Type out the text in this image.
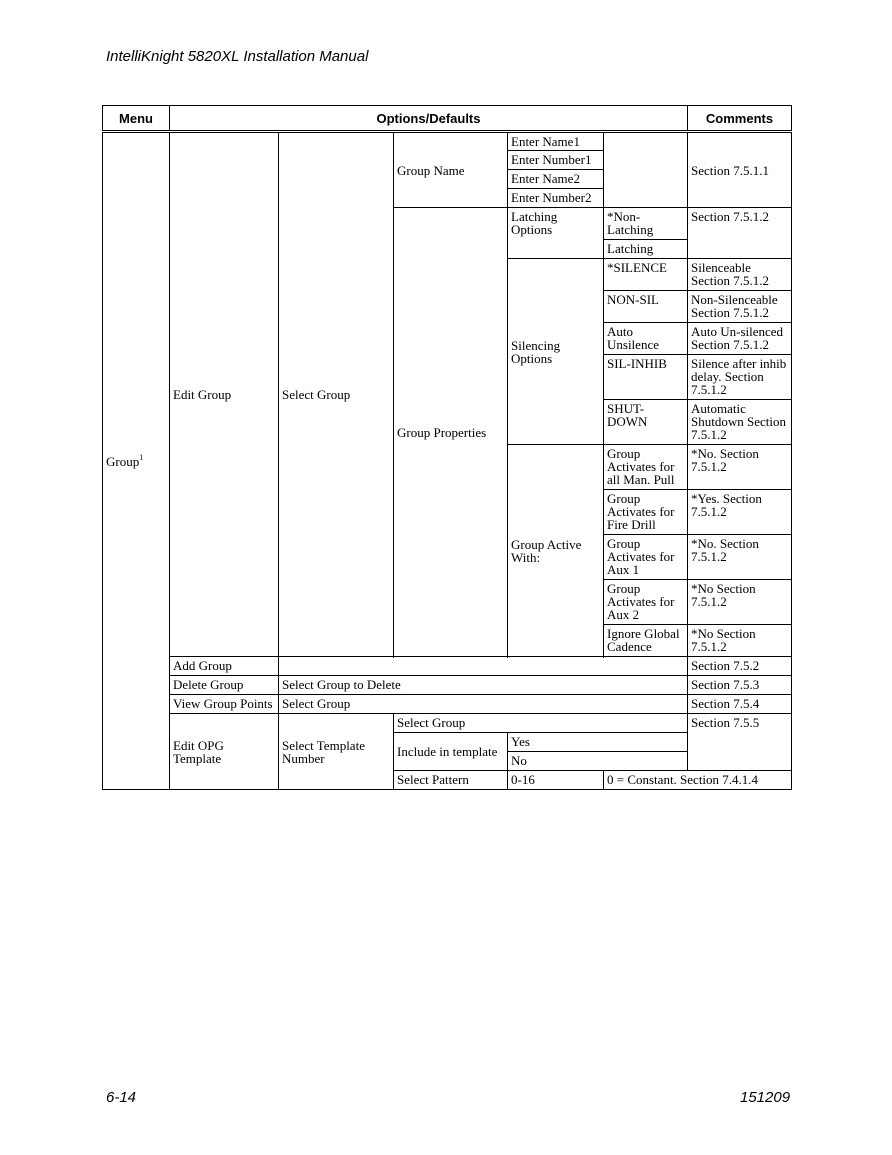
IntelliKnight 5820XL Installation Manual
Menu	Options/Defaults					Comments
Group$^1$	Edit Group	Select Group	Group Name	Enter Name1		Section 7.5.1.1
				Enter Number1		
				Enter Name2		
				Enter Number2		
			Group Properties	Latching Options	*Non-Latching	Section 7.5.1.2
					Latching	
				Silencing Options	*SILENCE	Silenceable Section 7.5.1.2
					NON-SIL	Non-Silenceable Section 7.5.1.2
					Auto Unsilence	Auto Un-silenced Section 7.5.1.2
					SIL-INHIB	Silence after inhib delay. Section 7.5.1.2
					SHUT-DOWN	Automatic Shutdown Section 7.5.1.2
				Group Active With:	Group Activates for all Man. Pull	*No. Section 7.5.1.2

					Group Activates for Fire Drill	*Yes. Section 7.5.1.2

					Group Activates for Aux 1	*No. Section 7.5.1.2

					Group Activates for Aux 2	*No Section 7.5.1.2

					Ignore Global Cadence	*No Section 7.5.1.2

	Add Group					Section 7.5.2
	Delete Group	Select Group to Delete				Section 7.5.3
	View Group Points	Select Group				Section 7.5.4
	Edit OPG Template	Select Template Number	Select Group			Section 7.5.5
			Include in template	Yes		
				No		
			Select Pattern	0-16	0 = Constant. Section 7.4.1.4	
6-14	151209
